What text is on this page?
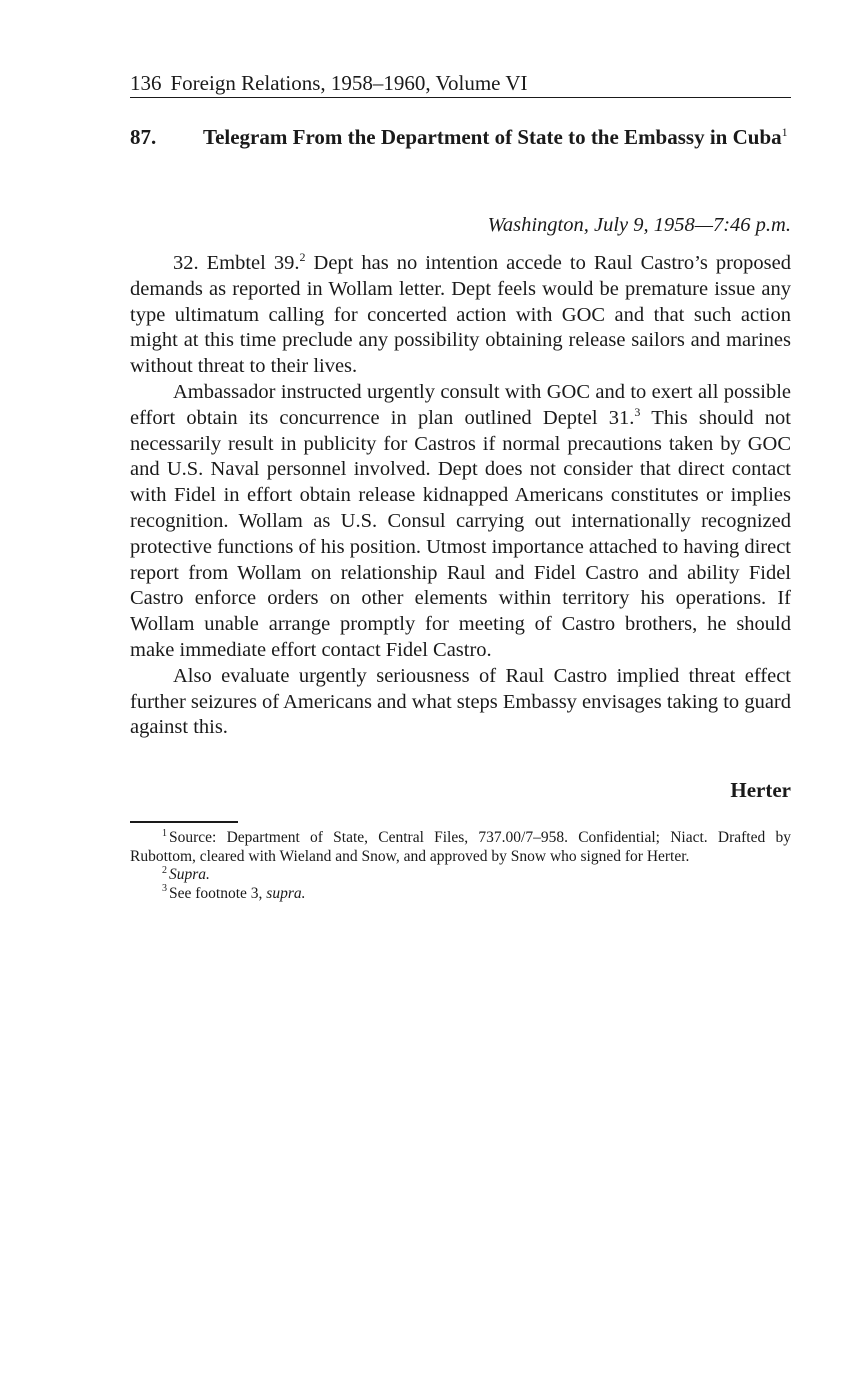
136 Foreign Relations, 1958–1960, Volume VI
87.	Telegram From the Department of State to the Embassy in Cuba$^1$
Washington, July 9, 1958—7:46 p.m.

32. Embtel 39.$^2$ Dept has no intention accede to Raul Castro’s proposed demands as reported in Wollam letter. Dept feels would be premature issue any type ultimatum calling for concerted action with GOC and that such action might at this time preclude any possibility obtaining release sailors and marines without threat to their lives.

Ambassador instructed urgently consult with GOC and to exert all possible effort obtain its concurrence in plan outlined Deptel 31.$^3$ This should not necessarily result in publicity for Castros if normal precautions taken by GOC and U.S. Naval personnel involved. Dept does not consider that direct contact with Fidel in effort obtain release kidnapped Americans constitutes or implies recognition. Wollam as U.S. Consul carrying out internationally recognized protective functions of his position. Utmost importance attached to having direct report from Wollam on relationship Raul and Fidel Castro and ability Fidel Castro enforce orders on other elements within territory his operations. If Wollam unable arrange promptly for meeting of Castro brothers, he should make immediate effort contact Fidel Castro.

Also evaluate urgently seriousness of Raul Castro implied threat effect further seizures of Americans and what steps Embassy envisages taking to guard against this.

Herter

$^1$ Source: Department of State, Central Files, 737.00/7–958. Confidential; Niact. Drafted by Rubottom, cleared with Wieland and Snow, and approved by Snow who signed for Herter.

$^2$ Supra.

$^3$ See footnote 3, supra.
